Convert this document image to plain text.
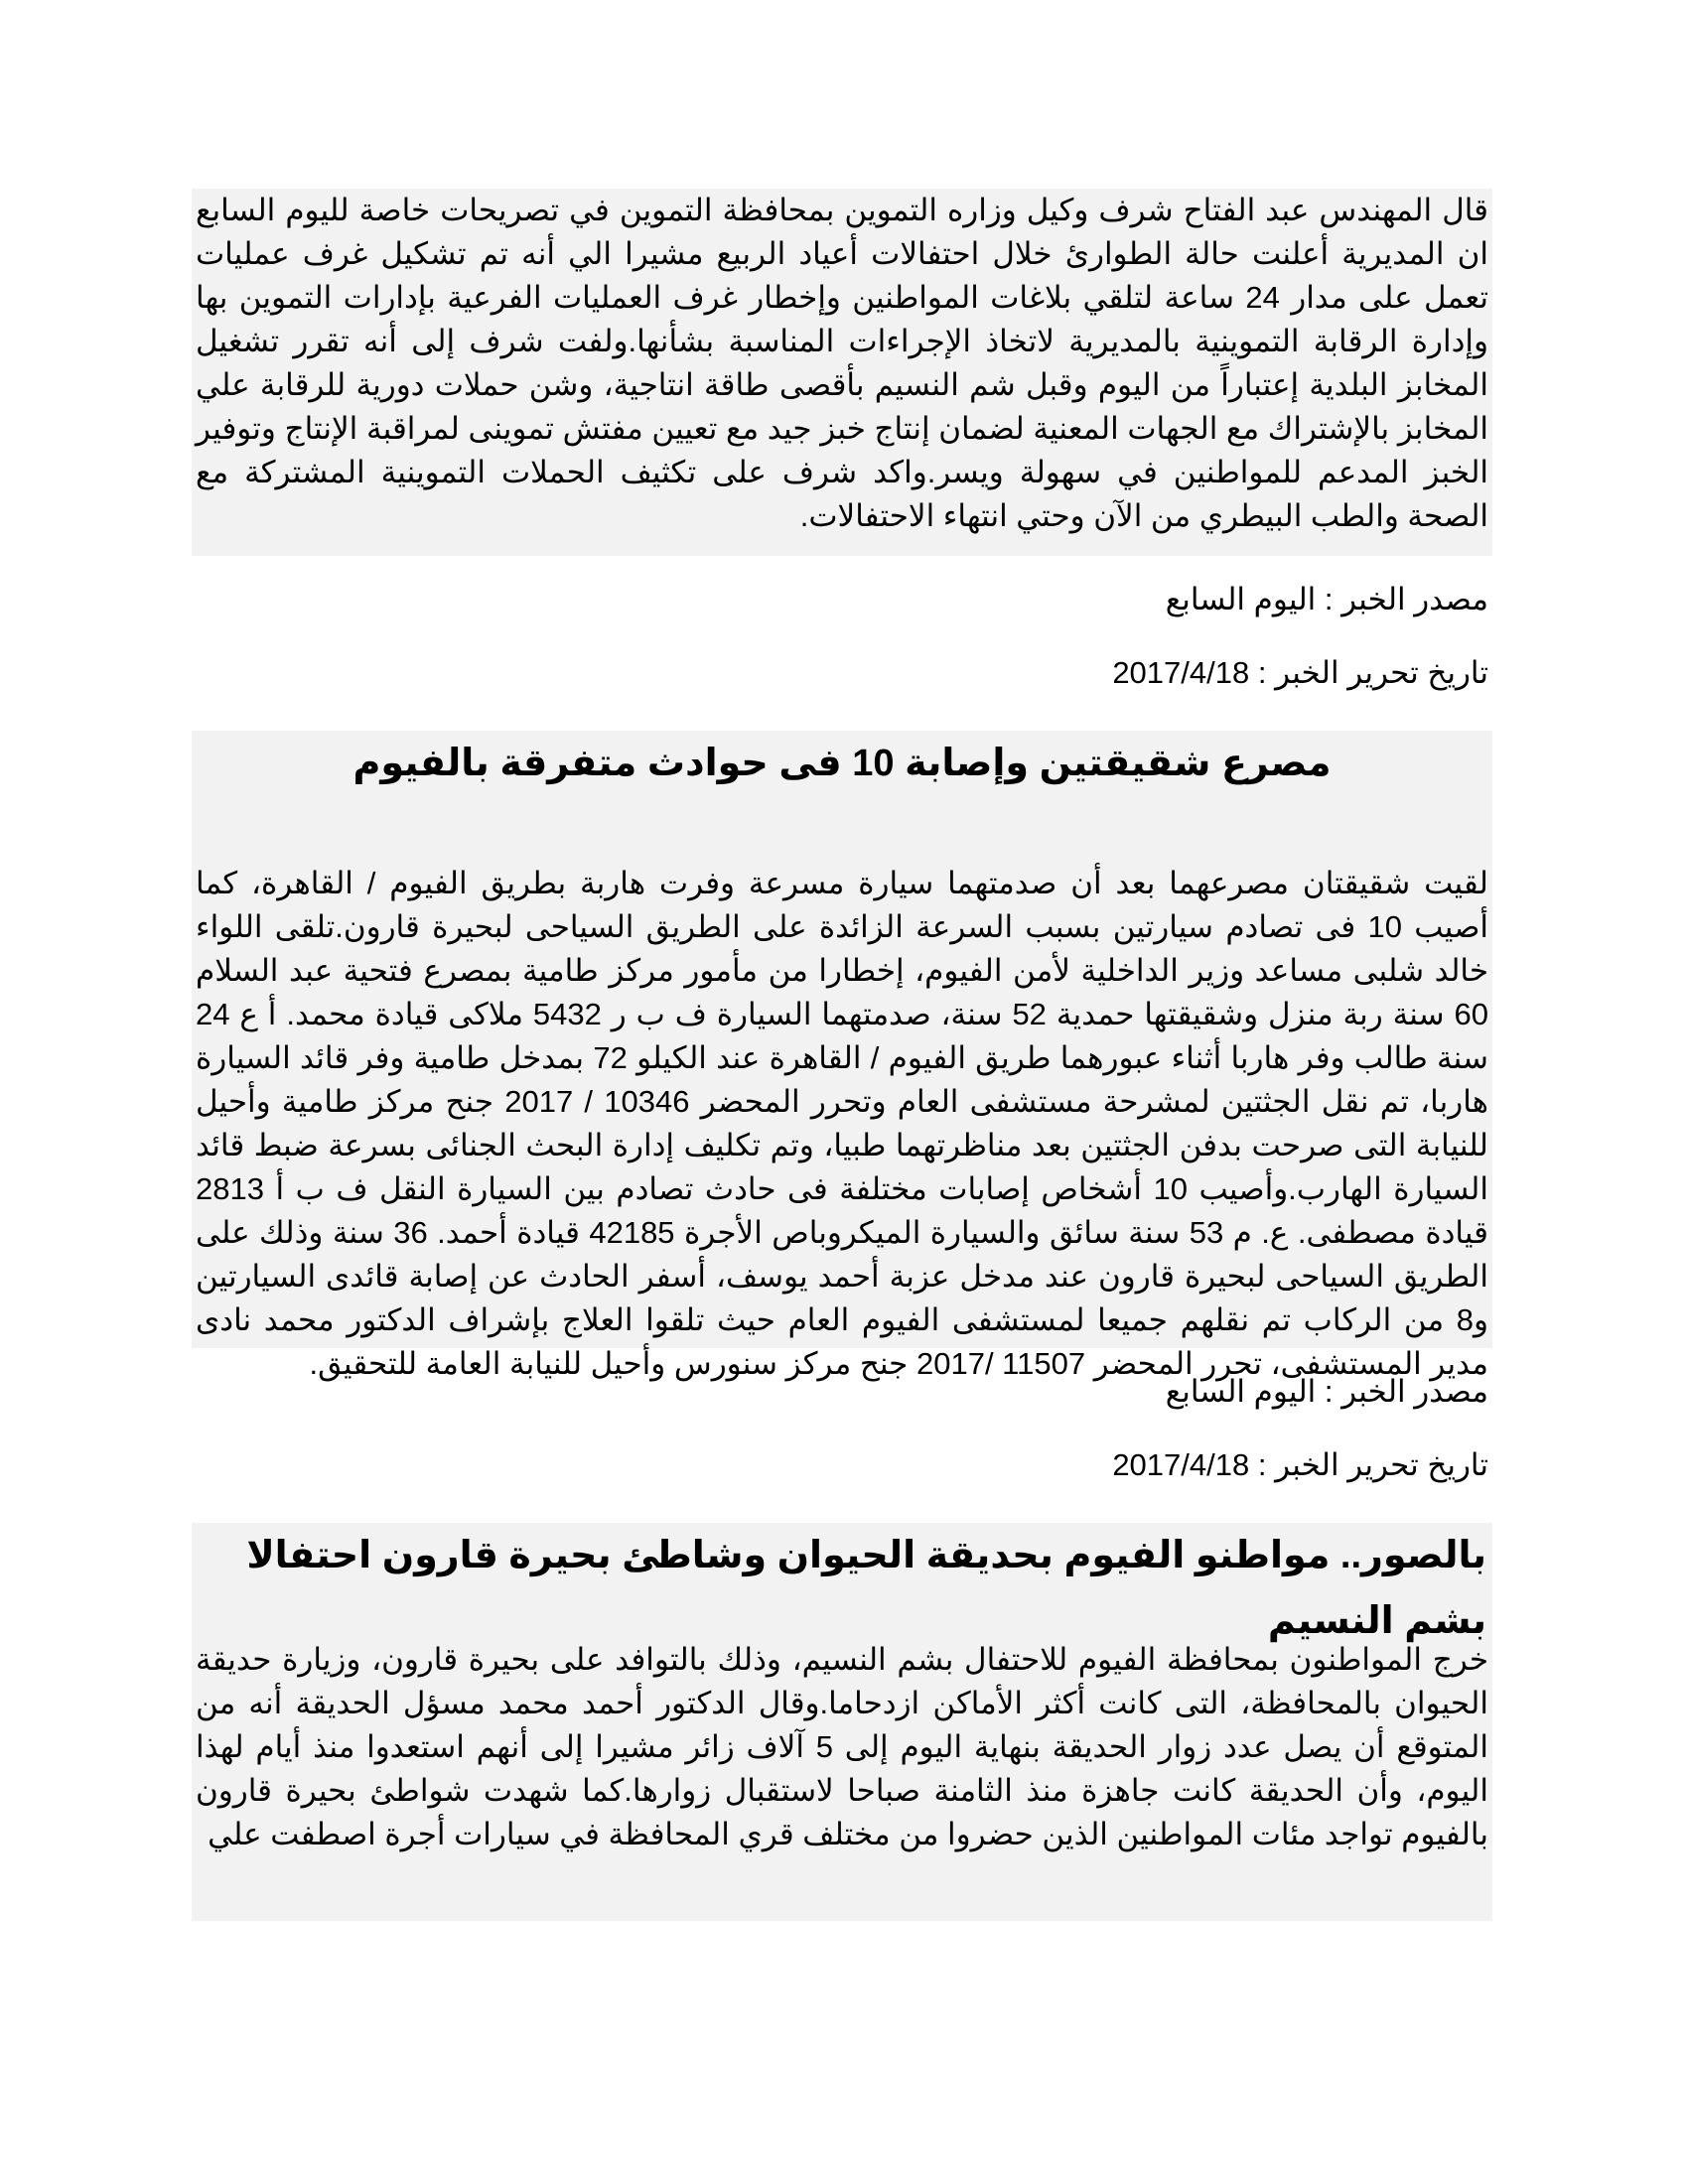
قال المهندس عبد الفتاح شرف وكيل وزاره التموين بمحافظة التموين في تصريحات خاصة لليوم السابع ان المديرية أعلنت حالة الطوارئ خلال احتفالات أعياد الربيع مشيرا الي أنه تم تشكيل غرف عمليات تعمل على مدار 24 ساعة لتلقي بلاغات المواطنين وإخطار غرف العمليات الفرعية بإدارات التموين بها وإدارة الرقابة التموينية بالمديرية لاتخاذ الإجراءات المناسبة بشأنها.ولفت شرف إلى أنه تقرر تشغيل المخابز البلدية إعتباراً من اليوم وقبل شم النسيم بأقصى طاقة انتاجية، وشن حملات دورية للرقابة علي المخابز بالإشتراك مع الجهات المعنية لضمان إنتاج خبز جيد مع تعيين مفتش تموينى لمراقبة الإنتاج وتوفير الخبز المدعم للمواطنين في سهولة ويسر.واكد شرف على تكثيف الحملات التموينية المشتركة مع الصحة والطب البيطري من الآن وحتي انتهاء الاحتفالات.
مصدر الخبر : اليوم السابع
تاريخ تحرير الخبر : 2017/4/18
مصرع شقيقتين وإصابة 10 فى حوادث متفرقة بالفيوم
لقيت شقيقتان مصرعهما بعد أن صدمتهما سيارة مسرعة وفرت هاربة بطريق الفيوم / القاهرة، كما أصيب 10 فى تصادم سيارتين بسبب السرعة الزائدة على الطريق السياحى لبحيرة قارون.تلقى اللواء خالد شلبى مساعد وزير الداخلية لأمن الفيوم، إخطارا من مأمور مركز طامية بمصرع فتحية عبد السلام 60 سنة ربة منزل وشقيقتها حمدية 52 سنة، صدمتهما السيارة ف ب ر 5432 ملاكى قيادة محمد. أ ع 24 سنة طالب وفر هاربا أثناء عبورهما طريق الفيوم / القاهرة عند الكيلو 72 بمدخل طامية وفر قائد السيارة هاربا، تم نقل الجثتين لمشرحة مستشفى العام وتحرر المحضر 10346 / 2017 جنح مركز طامية وأحيل للنيابة التى صرحت بدفن الجثتين بعد مناظرتهما طبيا، وتم تكليف إدارة البحث الجنائى بسرعة ضبط قائد السيارة الهارب.وأصيب 10 أشخاص إصابات مختلفة فى حادث تصادم بين السيارة النقل ف ب أ 2813 قيادة مصطفى. ع. م 53 سنة سائق والسيارة الميكروباص الأجرة 42185 قيادة أحمد. 36 سنة وذلك على الطريق السياحى لبحيرة قارون عند مدخل عزبة أحمد يوسف، أسفر الحادث عن إصابة قائدى السيارتين و8 من الركاب تم نقلهم جميعا لمستشفى الفيوم العام حيث تلقوا العلاج بإشراف الدكتور محمد نادى مدير المستشفى، تحرر المحضر 11507 /2017 جنح مركز سنورس وأحيل للنيابة العامة للتحقيق.
مصدر الخبر : اليوم السابع
تاريخ تحرير الخبر : 2017/4/18
بالصور.. مواطنو الفيوم بحديقة الحيوان وشاطئ بحيرة قارون احتفالا بشم النسيم
خرج المواطنون بمحافظة الفيوم للاحتفال بشم النسيم، وذلك بالتوافد على بحيرة قارون، وزيارة حديقة الحيوان بالمحافظة، التى كانت أكثر الأماكن ازدحاما.وقال الدكتور أحمد محمد مسؤل الحديقة أنه من المتوقع أن يصل عدد زوار الحديقة بنهاية اليوم إلى 5 آلاف زائر مشيرا إلى أنهم استعدوا منذ أيام لهذا اليوم، وأن الحديقة كانت جاهزة منذ الثامنة صباحا لاستقبال زوارها.كما شهدت شواطئ بحيرة قارون بالفيوم تواجد مئات المواطنين الذين حضروا من مختلف قري المحافظة في سيارات أجرة اصطفت علي
